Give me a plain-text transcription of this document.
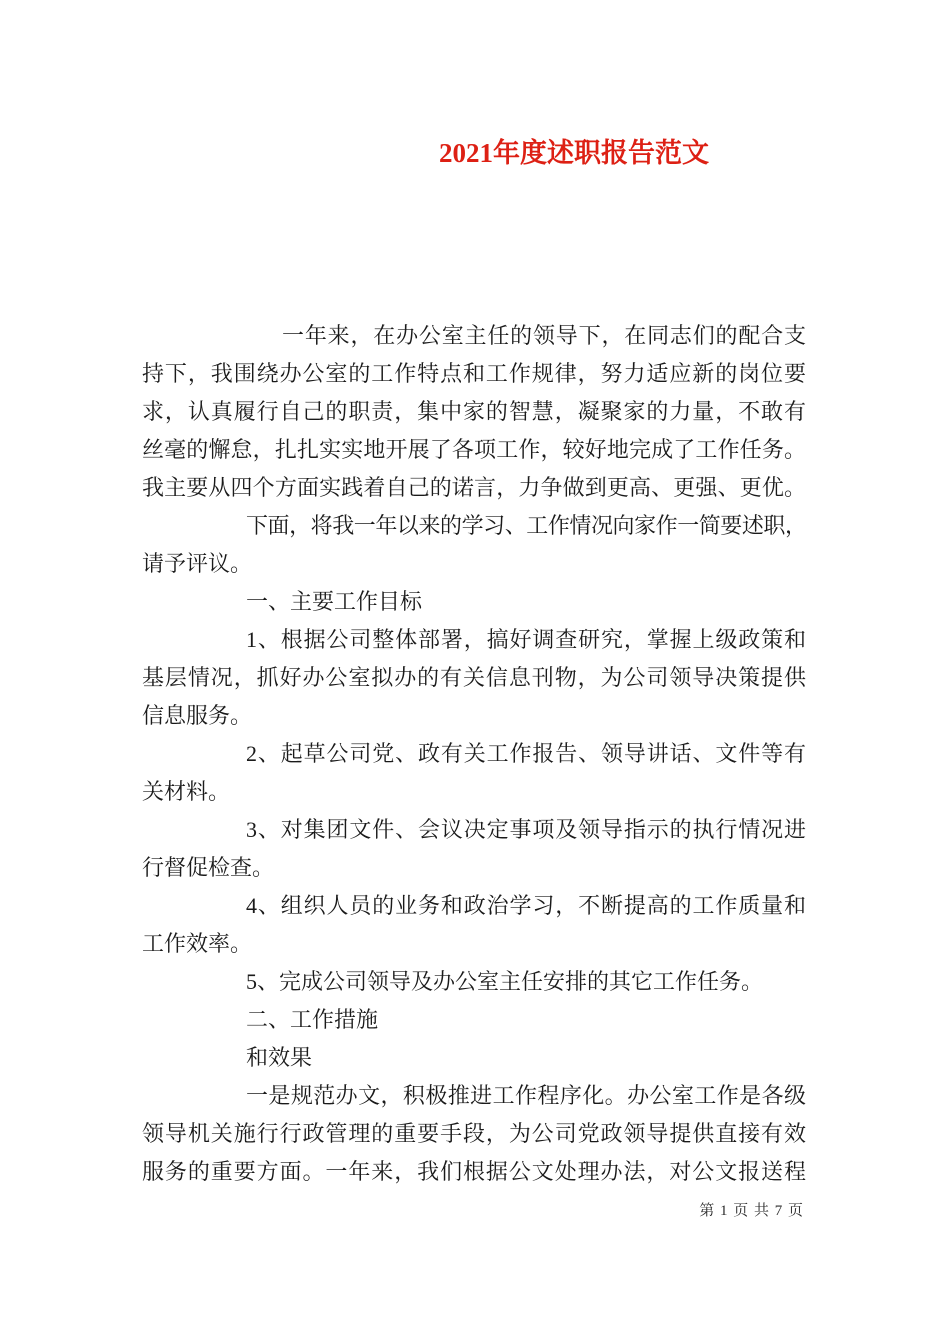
2021年度述职报告范文
一年来，在办公室主任的领导下，在同志们的配合支
持下，我围绕办公室的工作特点和工作规律，努力适应新的岗位要
求，认真履行自己的职责，集中家的智慧，凝聚家的力量，不敢有
丝毫的懈怠，扎扎实实地开展了各项工作，较好地完成了工作任务。
我主要从四个方面实践着自己的诺言，力争做到更高、更强、更优。
下面，将我一年以来的学习、工作情况向家作一简要述职，
请予评议。
一、主要工作目标
1、根据公司整体部署，搞好调查研究，掌握上级政策和
基层情况，抓好办公室拟办的有关信息刊物，为公司领导决策提供
信息服务。
2、起草公司党、政有关工作报告、领导讲话、文件等有
关材料。
3、对集团文件、会议决定事项及领导指示的执行情况进
行督促检查。
4、组织人员的业务和政治学习，不断提高的工作质量和
工作效率。
5、完成公司领导及办公室主任安排的其它工作任务。
二、工作措施
和效果
一是规范办文，积极推进工作程序化。办公室工作是各级
领导机关施行行政管理的重要手段，为公司党政领导提供直接有效
服务的重要方面。一年来，我们根据公文处理办法，对公文报送程
第 1 页 共 7 页
